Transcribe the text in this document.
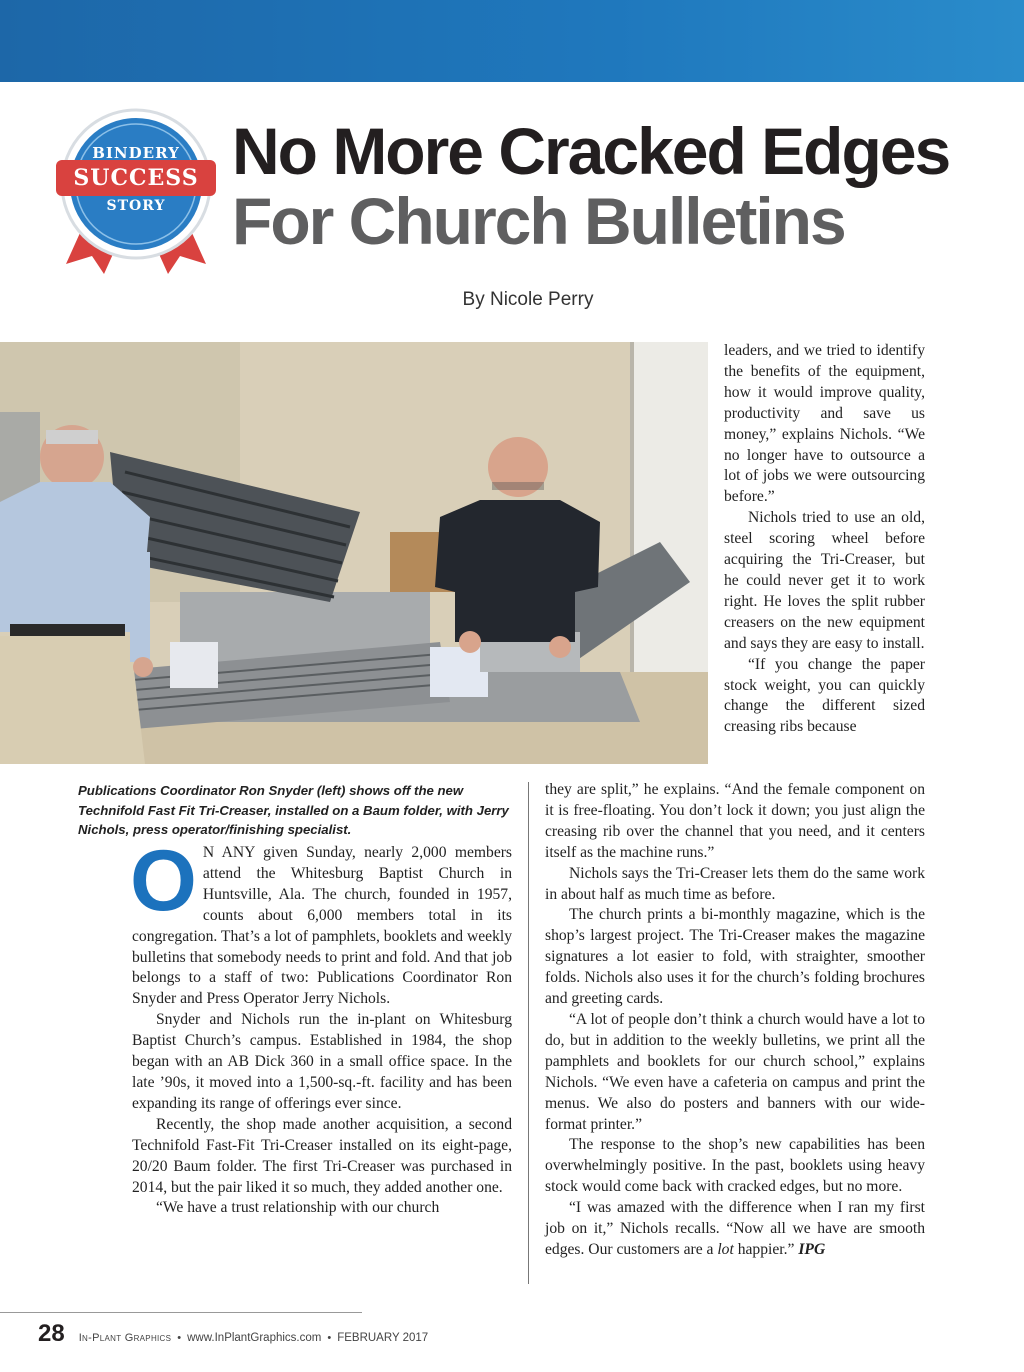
BINDERY
SUCCESS
STORY
No More Cracked Edges
For Church Bulletins
By Nicole Perry

Publications Coordinator Ron Snyder (left) shows off the new Technifold Fast Fit Tri-Creaser, installed on a Baum folder, with Jerry Nichols, press operator/finishing specialist.

leaders, and we tried to identify the benefits of the equipment, how it would improve quality, productivity and save us money,” explains Nichols. “We no longer have to outsource a lot of jobs we were outsourcing before.”

Nichols tried to use an old, steel scoring wheel before acquiring the Tri-Creaser, but he could never get it to work right. He loves the split rubber creasers on the new equipment and says they are easy to install.

“If you change the paper stock weight, you can quickly change the different sized creasing ribs because

O N ANY given Sunday, nearly 2,000 members attend the Whitesburg Baptist Church in Huntsville, Ala. The church, founded in 1957, counts about 6,000 members total in its congregation. That’s a lot of pamphlets, booklets and weekly bulletins that somebody needs to print and fold. And that job belongs to a staff of two: Publications Coordinator Ron Snyder and Press Operator Jerry Nichols.

Snyder and Nichols run the in-plant on Whitesburg Baptist Church’s campus. Established in 1984, the shop began with an AB Dick 360 in a small office space. In the late ’90s, it moved into a 1,500-sq.-ft. facility and has been expanding its range of offerings ever since.

Recently, the shop made another acquisition, a second Technifold Fast-Fit Tri-Creaser installed on its eight-page, 20/20 Baum folder. The first Tri-Creaser was purchased in 2014, but the pair liked it so much, they added another one.

“We have a trust relationship with our church

they are split,” he explains. “And the female component on it is free-floating. You don’t lock it down; you just align the creasing rib over the channel that you need, and it centers itself as the machine runs.”

Nichols says the Tri-Creaser lets them do the same work in about half as much time as before.

The church prints a bi-monthly magazine, which is the shop’s largest project. The Tri-Creaser makes the magazine signatures a lot easier to fold, with straighter, smoother folds. Nichols also uses it for the church’s folding brochures and greeting cards.

“A lot of people don’t think a church would have a lot to do, but in addition to the weekly bulletins, we print all the pamphlets and booklets for our church school,” explains Nichols. “We even have a cafeteria on campus and print the menus. We also do posters and banners with our wide-format printer.”

The response to the shop’s new capabilities has been overwhelmingly positive. In the past, booklets using heavy stock would come back with cracked edges, but no more.

“I was amazed with the difference when I ran my first job on it,” Nichols recalls. “Now all we have are smooth edges. Our customers are a lot happier.” IPG

28 In-Plant Graphics • www.InPlantGraphics.com • FEBRUARY 2017
